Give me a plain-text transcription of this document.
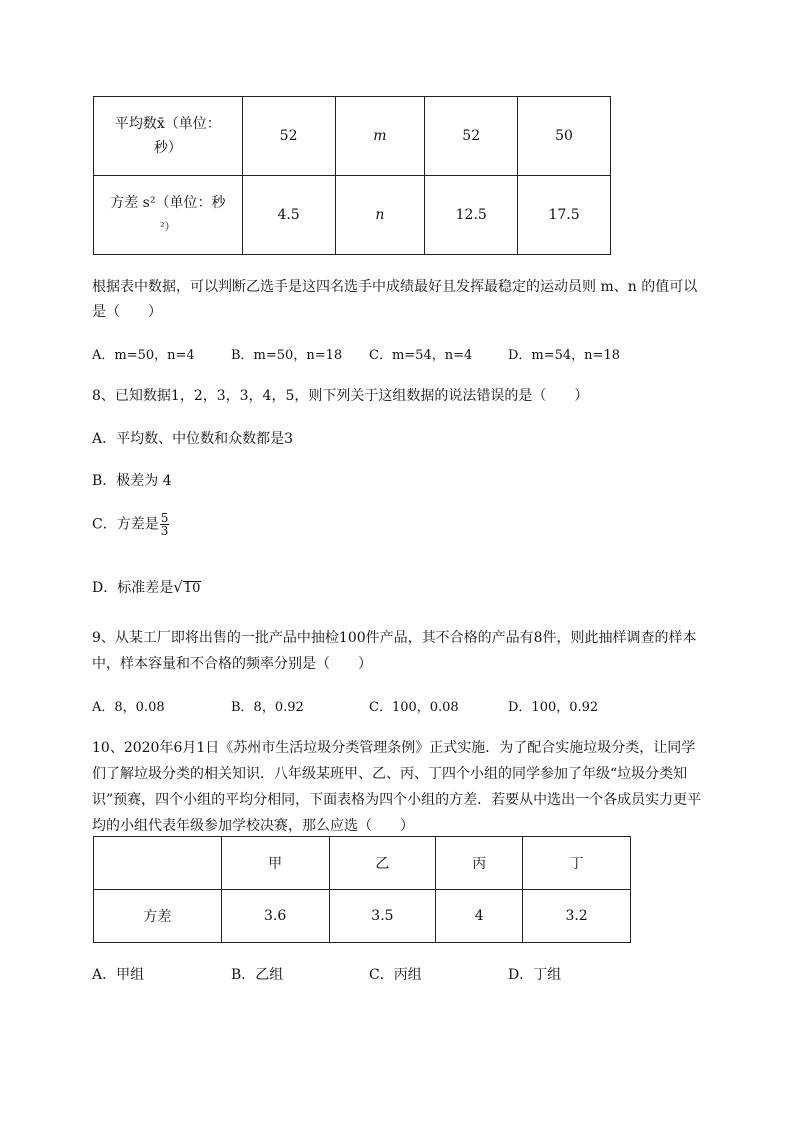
平均数x̄（单位：
秒）	52	m	52	50

方差 s²（单位：秒
²）	4.5	n	12.5	17.5
根据表中数据，可以判断乙选手是这四名选手中成绩最好且发挥最稳定的运动员则 m、n 的值可以
是（　　）
A．m=50，n=4	B．m=50，n=18 C．m=54，n=4	D．m=54，n=18
8、已知数据1，2，3，3，4，5，则下列关于这组数据的说法错误的是（　　）
A．平均数、中位数和众数都是3
B．极差为 4
C．方差是 $\frac{5}{3}$
D．标准差是√10
9、从某工厂即将出售的一批产品中抽检100件产品，其不合格的产品有8件，则此抽样调查的样本
中，样本容量和不合格的频率分别是（　　）
A．8，0.08	B．8，0.92	C．100，0.08	D．100，0.92
10、2020年6月1日《苏州市生活垃圾分类管理条例》正式实施．为了配合实施垃圾分类，让同学
们了解垃圾分类的相关知识．八年级某班甲、乙、丙、丁四个小组的同学参加了年级“垃圾分类知
识”预赛，四个小组的平均分相同，下面表格为四个小组的方差．若要从中选出一个各成员实力更平
均的小组代表年级参加学校决赛，那么应选（　　）
	甲	乙	丙	丁
方差	3.6	3.5	4	3.2
A．甲组	B．乙组	C．丙组	D．丁组
